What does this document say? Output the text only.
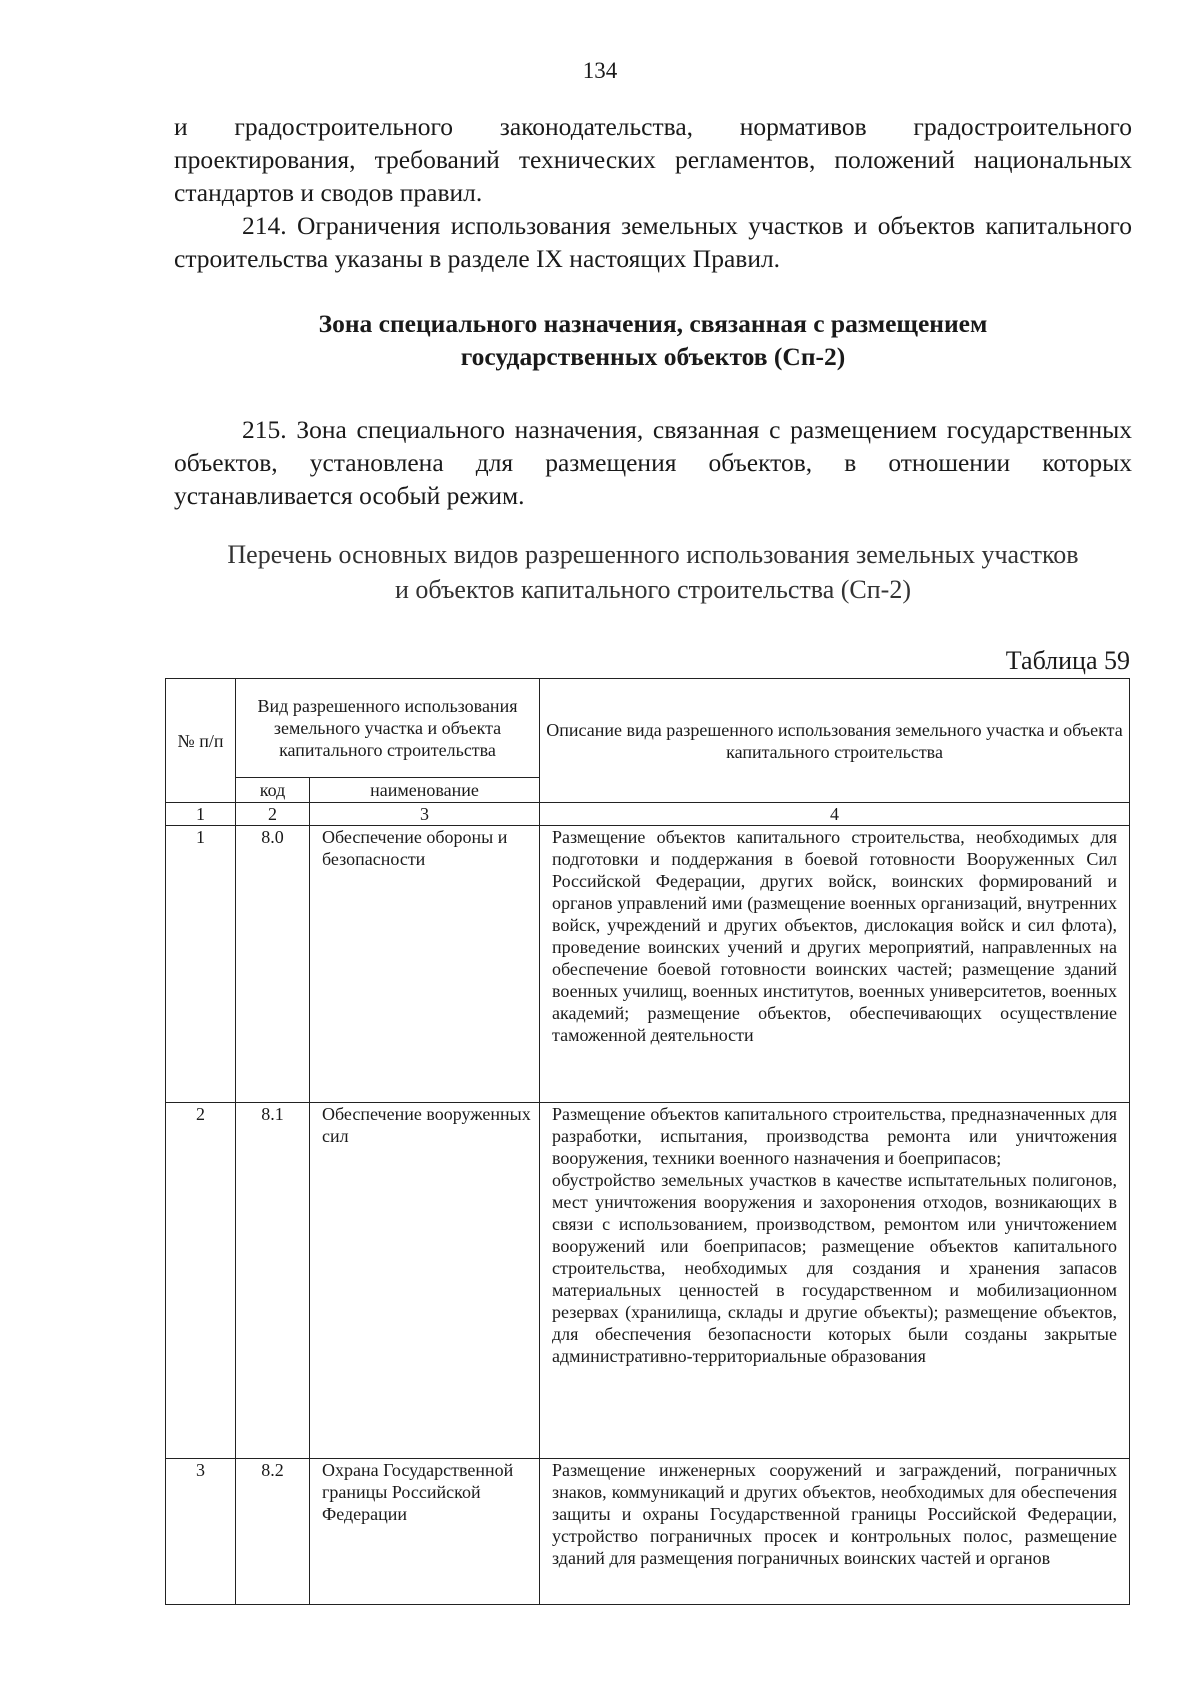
134

и градостроительного законодательства, нормативов градостроительного проектирования, требований технических регламентов, положений национальных стандартов и сводов правил.

214. Ограничения использования земельных участков и объектов капитального строительства указаны в разделе IX настоящих Правил.

Зона специального назначения, связанная с размещением

государственных объектов (Сп-2)

215. Зона специального назначения, связанная с размещением государственных объектов, установлена для размещения объектов, в отношении которых устанавливается особый режим.

Перечень основных видов разрешенного использования земельных участков

и объектов капитального строительства (Сп-2)

Таблица 59
№ п/п	Вид разрешенного использования земельного участка и объекта капитального строительства		Описание вида разрешенного использования земельного участка и объекта капитального строительства
	код	наименование	
1	2	3	4
1	8.0	Обеспечение обороны и безопасности	Размещение объектов капитального строительства, необходимых для подготовки и поддержания в боевой готовности Вооруженных Сил Российской Федерации, других войск, воинских формирований и органов управлений ими (размещение военных организаций, внутренних войск, учреждений и других объектов, дислокация войск и сил флота), проведение воинских учений и других мероприятий, направленных на обеспечение боевой готовности воинских частей; размещение зданий военных училищ, военных институтов, военных университетов, военных академий; размещение объектов, обеспечивающих осуществление таможенной деятельности

2	8.1	Обеспечение вооруженных сил	Размещение объектов капитального строительства, предназначенных для разработки, испытания, производства ремонта или уничтожения вооружения, техники военного назначения и боеприпасов;

обустройство земельных участков в качестве испытательных полигонов, мест уничтожения вооружения и захоронения отходов, возникающих в связи с использованием, производством, ремонтом или уничтожением вооружений или боеприпасов; размещение объектов капитального строительства, необходимых для создания и хранения запасов материальных ценностей в государственном и мобилизационном резервах (хранилища, склады и другие объекты); размещение объектов, для обеспечения безопасности которых были созданы закрытые административно-территориальные образования

3	8.2	Охрана Государственной границы Российской Федерации	Размещение инженерных сооружений и заграждений, пограничных знаков, коммуникаций и других объектов, необходимых для обеспечения защиты и охраны Государственной границы Российской Федерации, устройство пограничных просек и контрольных полос, размещение зданий для размещения пограничных воинских частей и органов
